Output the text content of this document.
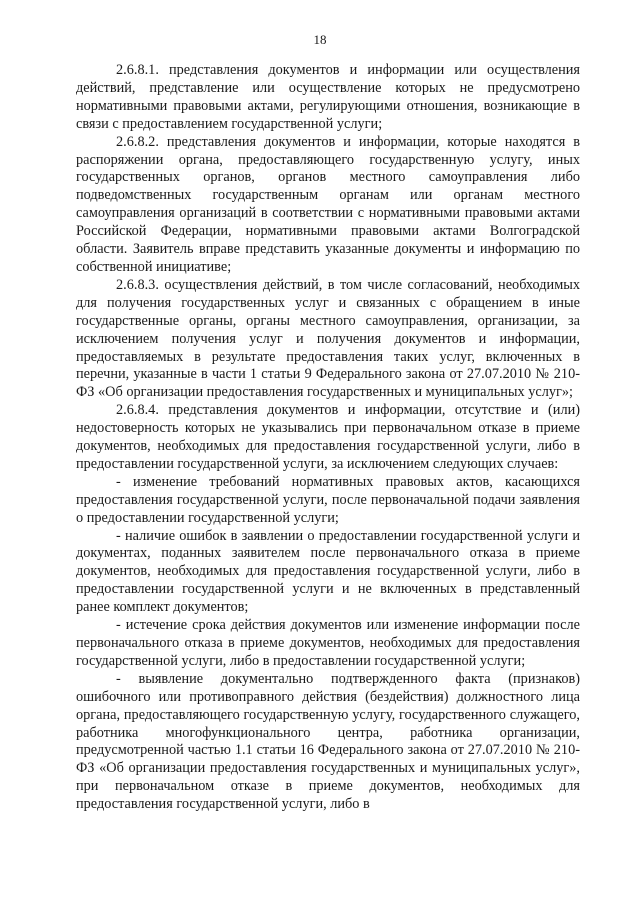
18

2.6.8.1. представления документов и информации или осуществления действий, представление или осуществление которых не предусмотрено нормативными правовыми актами, регулирующими отношения, возникающие в связи с предоставлением государственной услуги;

2.6.8.2. представления документов и информации, которые находятся в распоряжении органа, предоставляющего государственную услугу, иных государственных органов, органов местного самоуправления либо подведомственных государственным органам или органам местного самоуправления организаций в соответствии с нормативными правовыми актами Российской Федерации, нормативными правовыми актами Волгоградской области. Заявитель вправе представить указанные документы и информацию по собственной инициативе;

2.6.8.3. осуществления действий, в том числе согласований, необходимых для получения государственных услуг и связанных с обращением в иные государственные органы, органы местного самоуправления, организации, за исключением получения услуг и получения документов и информации, предоставляемых в результате предоставления таких услуг, включенных в перечни, указанные в части 1 статьи 9 Федерального закона от 27.07.2010 № 210-ФЗ «Об организации предоставления государственных и муниципальных услуг»;

2.6.8.4. представления документов и информации, отсутствие и (или) недостоверность которых не указывались при первоначальном отказе в приеме документов, необходимых для предоставления государственной услуги, либо в предоставлении государственной услуги, за исключением следующих случаев:

- изменение требований нормативных правовых актов, касающихся предоставления государственной услуги, после первоначальной подачи заявления о предоставлении государственной услуги;

- наличие ошибок в заявлении о предоставлении государственной услуги и документах, поданных заявителем после первоначального отказа в приеме документов, необходимых для предоставления государственной услуги, либо в предоставлении государственной услуги и не включенных в представленный ранее комплект документов;

- истечение срока действия документов или изменение информации после первоначального отказа в приеме документов, необходимых для предоставления государственной услуги, либо в предоставлении государственной услуги;

- выявление документально подтвержденного факта (признаков) ошибочного или противоправного действия (бездействия) должностного лица органа, предоставляющего государственную услугу, государственного служащего, работника многофункционального центра, работника организации, предусмотренной частью 1.1 статьи 16 Федерального закона от 27.07.2010 № 210-ФЗ «Об организации предоставления государственных и муниципальных услуг», при первоначальном отказе в приеме документов, необходимых для предоставления государственной услуги, либо в
